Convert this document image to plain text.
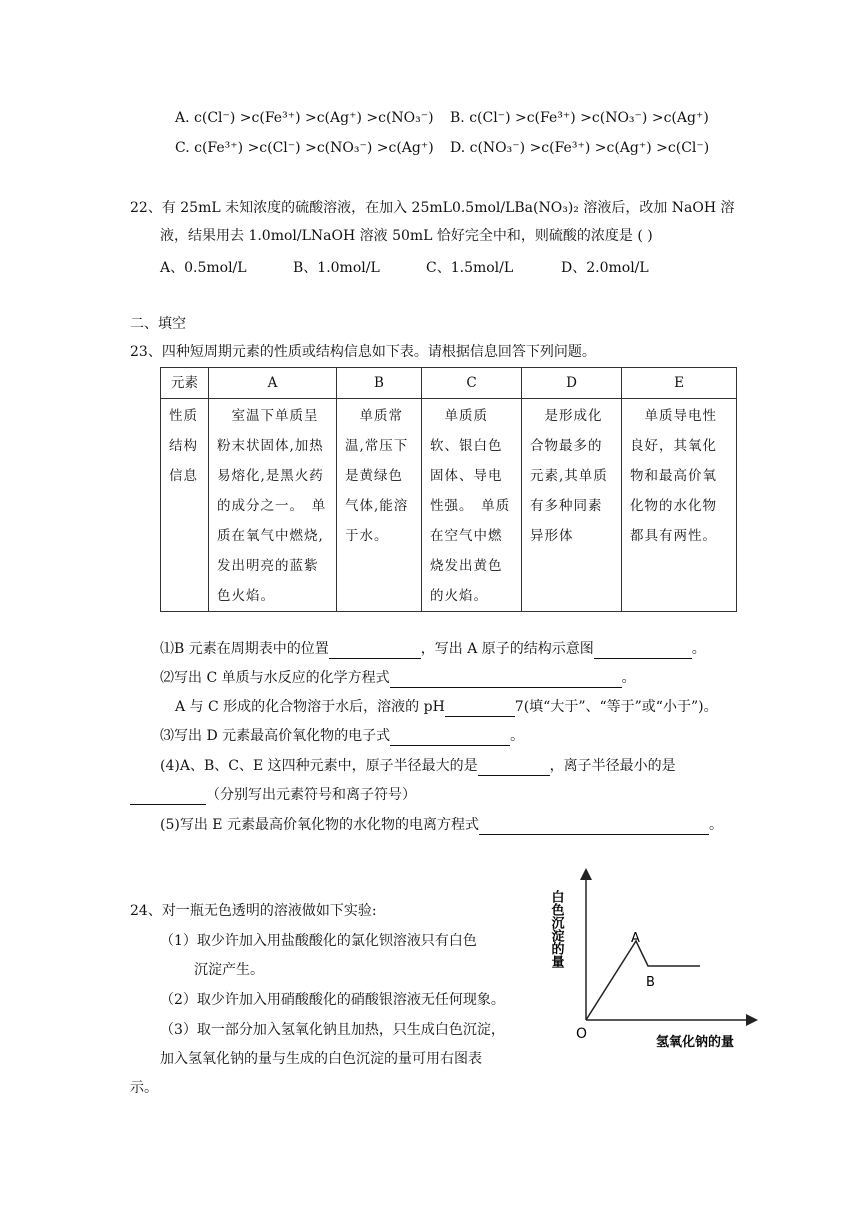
A. c(Cl⁻) >c(Fe³⁺) >c(Ag⁺) >c(NO₃⁻) B. c(Cl⁻) >c(Fe³⁺) >c(NO₃⁻) >c(Ag⁺)
C. c(Fe³⁺) >c(Cl⁻) >c(NO₃⁻) >c(Ag⁺) D. c(NO₃⁻) >c(Fe³⁺) >c(Ag⁺) >c(Cl⁻)
22、有 25mL 未知浓度的硫酸溶液，在加入 25mL0.5mol/LBa(NO₃)₂ 溶液后，改加 NaOH 溶
液，结果用去 1.0mol/LNaOH 溶液 50mL 恰好完全中和，则硫酸的浓度是 ( )
A、0.5mol/L	B、1.0mol/L	C、1.5mol/L	D、2.0mol/L
二、填空
23、四种短周期元素的性质或结构信息如下表。请根据信息回答下列问题。
元素	A	B	C	D	E
性质结构信息	　室温下单质呈粉末状固体,加热易熔化,是黑火药的成分之一。　单质在氧气中燃烧,发出明亮的蓝紫色火焰。	　单质常温,常压下是黄绿色气体,能溶于水。	　单质质软、银白色固体、导电性强。　单质在空气中燃烧发出黄色的火焰。	　是形成化合物最多的元素,其单质有多种同素异形体	　单质导电性良好，其氧化物和最高价氧化物的水化物都具有两性。
⑴B 元素在周期表中的位置	，写出 A 原子的结构示意图	。
⑵写出 C 单质与水反应的化学方程式	。
A 与 C 形成的化合物溶于水后，溶液的 pH	7(填“大于”、“等于”或“小于”)。
⑶写出 D 元素最高价氧化物的电子式	。
(4)A、B、C、E 这四种元素中，原子半径最大的是	，离子半径最小的是
（分别写出元素符号和离子符号）
(5)写出 E 元素最高价氧化物的水化物的电离方程式	。
24、对一瓶无色透明的溶液做如下实验:
（1）取少许加入用盐酸酸化的氯化钡溶液只有白色
沉淀产生。
（2）取少许加入用硝酸酸化的硝酸银溶液无任何现象。
（3）取一部分加入氢氧化钠且加热，只生成白色沉淀，
加入氢氧化钠的量与生成的白色沉淀的量可用右图表
示。
白色沉淀的量
氢氧化钠的量
O
A
B
